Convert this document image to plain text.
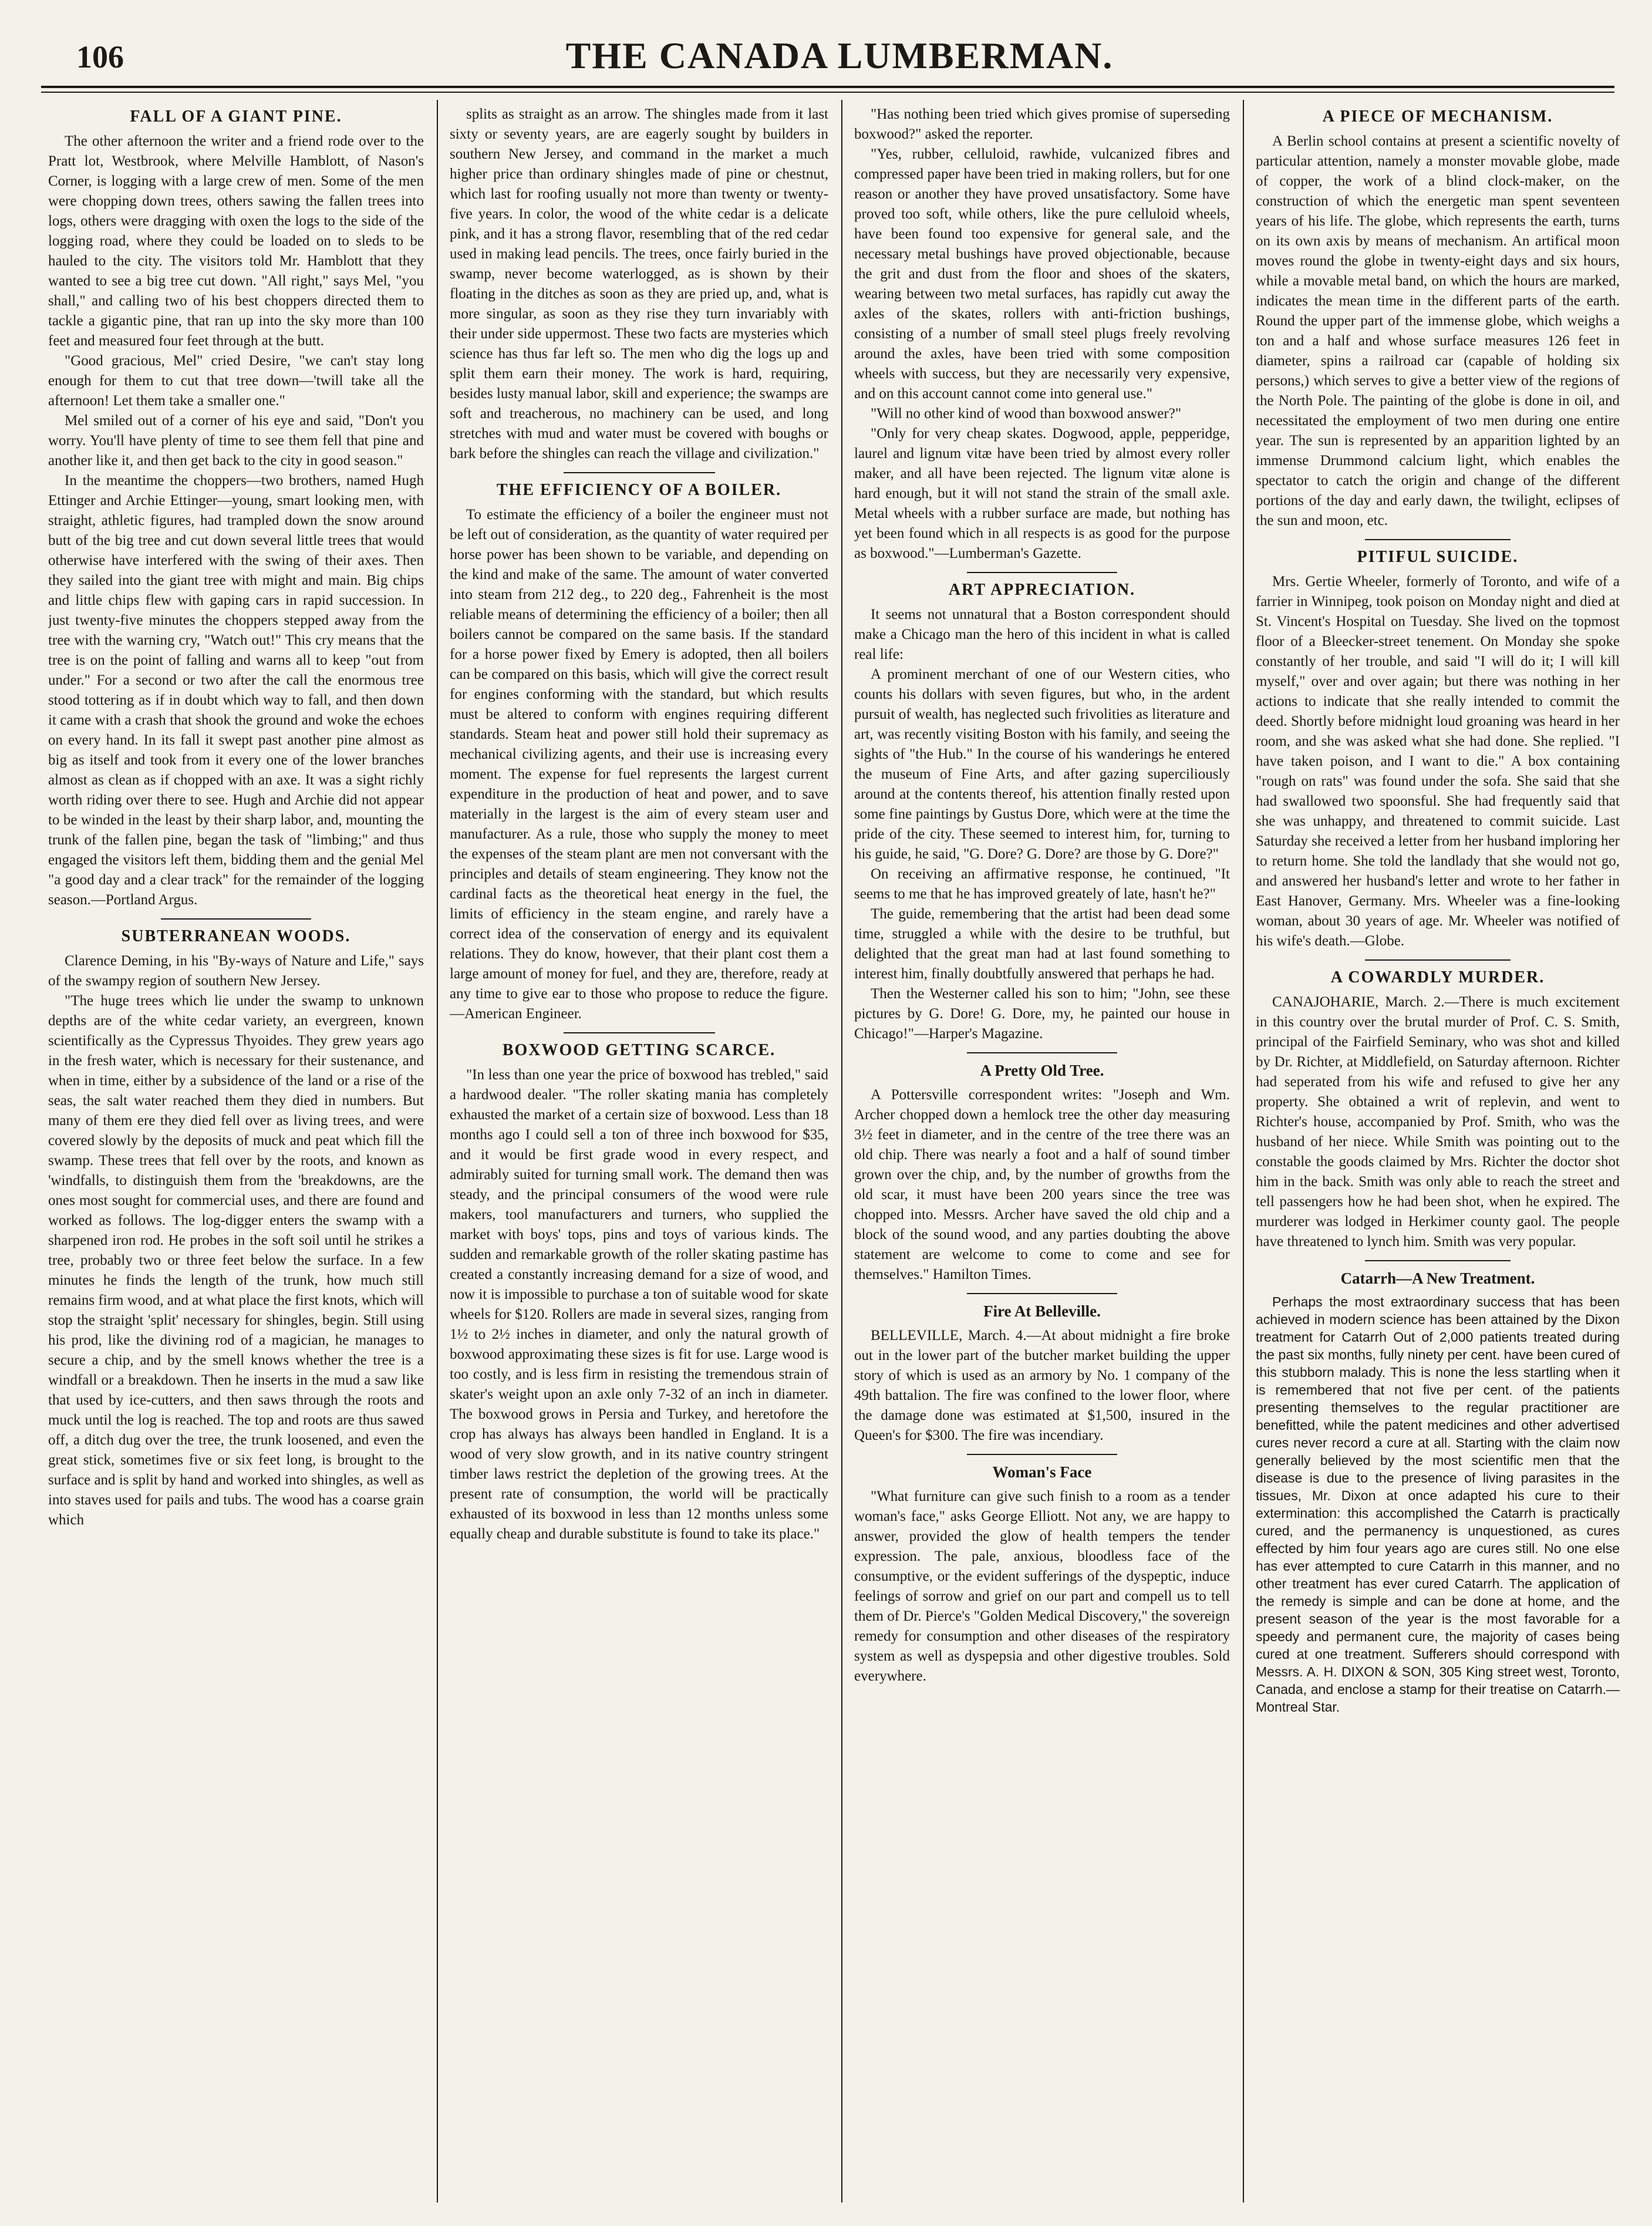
106	THE CANADA LUMBERMAN.
FALL OF A GIANT PINE.

The other afternoon the writer and a friend rode over to the Pratt lot, Westbrook, where Melville Hamblott, of Nason's Corner, is logging with a large crew of men. Some of the men were chopping down trees, others sawing the fallen trees into logs, others were dragging with oxen the logs to the side of the logging road, where they could be loaded on to sleds to be hauled to the city. The visitors told Mr. Hamblott that they wanted to see a big tree cut down. "All right," says Mel, "you shall," and calling two of his best choppers directed them to tackle a gigantic pine, that ran up into the sky more than 100 feet and measured four feet through at the butt.

"Good gracious, Mel" cried Desire, "we can't stay long enough for them to cut that tree down—'twill take all the afternoon! Let them take a smaller one."

Mel smiled out of a corner of his eye and said, "Don't you worry. You'll have plenty of time to see them fell that pine and another like it, and then get back to the city in good season."

In the meantime the choppers—two brothers, named Hugh Ettinger and Archie Ettinger—young, smart looking men, with straight, athletic figures, had trampled down the snow around butt of the big tree and cut down several little trees that would otherwise have interfered with the swing of their axes. Then they sailed into the giant tree with might and main. Big chips and little chips flew with gaping cars in rapid succession. In just twenty-five minutes the choppers stepped away from the tree with the warning cry, "Watch out!" This cry means that the tree is on the point of falling and warns all to keep "out from under." For a second or two after the call the enormous tree stood tottering as if in doubt which way to fall, and then down it came with a crash that shook the ground and woke the echoes on every hand. In its fall it swept past another pine almost as big as itself and took from it every one of the lower branches almost as clean as if chopped with an axe. It was a sight richly worth riding over there to see. Hugh and Archie did not appear to be winded in the least by their sharp labor, and, mounting the trunk of the fallen pine, began the task of "limbing;" and thus engaged the visitors left them, bidding them and the genial Mel "a good day and a clear track" for the remainder of the logging season.—Portland Argus.

SUBTERRANEAN WOODS.

Clarence Deming, in his "By-ways of Nature and Life," says of the swampy region of southern New Jersey.

"The huge trees which lie under the swamp to unknown depths are of the white cedar variety, an evergreen, known scientifically as the Cypressus Thyoides. They grew years ago in the fresh water, which is necessary for their sustenance, and when in time, either by a subsidence of the land or a rise of the seas, the salt water reached them they died in numbers. But many of them ere they died fell over as living trees, and were covered slowly by the deposits of muck and peat which fill the swamp. These trees that fell over by the roots, and known as 'windfalls, to distinguish them from the 'breakdowns, are the ones most sought for commercial uses, and there are found and worked as follows. The log-digger enters the swamp with a sharpened iron rod. He probes in the soft soil until he strikes a tree, probably two or three feet below the surface. In a few minutes he finds the length of the trunk, how much still remains firm wood, and at what place the first knots, which will stop the straight 'split' necessary for shingles, begin. Still using his prod, like the divining rod of a magician, he manages to secure a chip, and by the smell knows whether the tree is a windfall or a breakdown. Then he inserts in the mud a saw like that used by ice-cutters, and then saws through the roots and muck until the log is reached. The top and roots are thus sawed off, a ditch dug over the tree, the trunk loosened, and even the great stick, sometimes five or six feet long, is brought to the surface and is split by hand and worked into shingles, as well as into staves used for pails and tubs. The wood has a coarse grain which

splits as straight as an arrow. The shingles made from it last sixty or seventy years, are are eagerly sought by builders in southern New Jersey, and command in the market a much higher price than ordinary shingles made of pine or chestnut, which last for roofing usually not more than twenty or twenty-five years. In color, the wood of the white cedar is a delicate pink, and it has a strong flavor, resembling that of the red cedar used in making lead pencils. The trees, once fairly buried in the swamp, never become waterlogged, as is shown by their floating in the ditches as soon as they are pried up, and, what is more singular, as soon as they rise they turn invariably with their under side uppermost. These two facts are mysteries which science has thus far left so. The men who dig the logs up and split them earn their money. The work is hard, requiring, besides lusty manual labor, skill and experience; the swamps are soft and treacherous, no machinery can be used, and long stretches with mud and water must be covered with boughs or bark before the shingles can reach the village and civilization."

THE EFFICIENCY OF A BOILER.

To estimate the efficiency of a boiler the engineer must not be left out of consideration, as the quantity of water required per horse power has been shown to be variable, and depending on the kind and make of the same. The amount of water converted into steam from 212 deg., to 220 deg., Fahrenheit is the most reliable means of determining the efficiency of a boiler; then all boilers cannot be compared on the same basis. If the standard for a horse power fixed by Emery is adopted, then all boilers can be compared on this basis, which will give the correct result for engines conforming with the standard, but which results must be altered to conform with engines requiring different standards. Steam heat and power still hold their supremacy as mechanical civilizing agents, and their use is increasing every moment. The expense for fuel represents the largest current expenditure in the production of heat and power, and to save materially in the largest is the aim of every steam user and manufacturer. As a rule, those who supply the money to meet the expenses of the steam plant are men not conversant with the principles and details of steam engineering. They know not the cardinal facts as the theoretical heat energy in the fuel, the limits of efficiency in the steam engine, and rarely have a correct idea of the conservation of energy and its equivalent relations. They do know, however, that their plant cost them a large amount of money for fuel, and they are, therefore, ready at any time to give ear to those who propose to reduce the figure.—American Engineer.

BOXWOOD GETTING SCARCE.

"In less than one year the price of boxwood has trebled," said a hardwood dealer. "The roller skating mania has completely exhausted the market of a certain size of boxwood. Less than 18 months ago I could sell a ton of three inch boxwood for $35, and it would be first grade wood in every respect, and admirably suited for turning small work. The demand then was steady, and the principal consumers of the wood were rule makers, tool manufacturers and turners, who supplied the market with boys' tops, pins and toys of various kinds. The sudden and remarkable growth of the roller skating pastime has created a constantly increasing demand for a size of wood, and now it is impossible to purchase a ton of suitable wood for skate wheels for $120. Rollers are made in several sizes, ranging from 1½ to 2½ inches in diameter, and only the natural growth of boxwood approximating these sizes is fit for use. Large wood is too costly, and is less firm in resisting the tremendous strain of skater's weight upon an axle only 7-32 of an inch in diameter. The boxwood grows in Persia and Turkey, and heretofore the crop has always has always been handled in England. It is a wood of very slow growth, and in its native country stringent timber laws restrict the depletion of the growing trees. At the present rate of consumption, the world will be practically exhausted of its boxwood in less than 12 months unless some equally cheap and durable substitute is found to take its place."

"Has nothing been tried which gives promise of superseding boxwood?" asked the reporter.

"Yes, rubber, celluloid, rawhide, vulcanized fibres and compressed paper have been tried in making rollers, but for one reason or another they have proved unsatisfactory. Some have proved too soft, while others, like the pure celluloid wheels, have been found too expensive for general sale, and the necessary metal bushings have proved objectionable, because the grit and dust from the floor and shoes of the skaters, wearing between two metal surfaces, has rapidly cut away the axles of the skates, rollers with anti-friction bushings, consisting of a number of small steel plugs freely revolving around the axles, have been tried with some composition wheels with success, but they are necessarily very expensive, and on this account cannot come into general use."

"Will no other kind of wood than boxwood answer?"

"Only for very cheap skates. Dogwood, apple, pepperidge, laurel and lignum vitæ have been tried by almost every roller maker, and all have been rejected. The lignum vitæ alone is hard enough, but it will not stand the strain of the small axle. Metal wheels with a rubber surface are made, but nothing has yet been found which in all respects is as good for the purpose as boxwood."—Lumberman's Gazette.

ART APPRECIATION.

It seems not unnatural that a Boston correspondent should make a Chicago man the hero of this incident in what is called real life:

A prominent merchant of one of our Western cities, who counts his dollars with seven figures, but who, in the ardent pursuit of wealth, has neglected such frivolities as literature and art, was recently visiting Boston with his family, and seeing the sights of "the Hub." In the course of his wanderings he entered the museum of Fine Arts, and after gazing superciliously around at the contents thereof, his attention finally rested upon some fine paintings by Gustus Dore, which were at the time the pride of the city. These seemed to interest him, for, turning to his guide, he said, "G. Dore? G. Dore? are those by G. Dore?"

On receiving an affirmative response, he continued, "It seems to me that he has improved greately of late, hasn't he?"

The guide, remembering that the artist had been dead some time, struggled a while with the desire to be truthful, but delighted that the great man had at last found something to interest him, finally doubtfully answered that perhaps he had.

Then the Westerner called his son to him; "John, see these pictures by G. Dore! G. Dore, my, he painted our house in Chicago!"—Harper's Magazine.

A Pretty Old Tree.

A Pottersville correspondent writes: "Joseph and Wm. Archer chopped down a hemlock tree the other day measuring 3½ feet in diameter, and in the centre of the tree there was an old chip. There was nearly a foot and a half of sound timber grown over the chip, and, by the number of growths from the old scar, it must have been 200 years since the tree was chopped into. Messrs. Archer have saved the old chip and a block of the sound wood, and any parties doubting the above statement are welcome to come to come and see for themselves." Hamilton Times.

Fire At Belleville.

BELLEVILLE, March. 4.—At about midnight a fire broke out in the lower part of the butcher market building the upper story of which is used as an armory by No. 1 company of the 49th battalion. The fire was confined to the lower floor, where the damage done was estimated at $1,500, insured in the Queen's for $300. The fire was incendiary.

Woman's Face

"What furniture can give such finish to a room as a tender woman's face," asks George Elliott. Not any, we are happy to answer, provided the glow of health tempers the tender expression. The pale, anxious, bloodless face of the consumptive, or the evident sufferings of the dyspeptic, induce feelings of sorrow and grief on our part and compell us to tell them of Dr. Pierce's "Golden Medical Discovery," the sovereign remedy for consumption and other diseases of the respiratory system as well as dyspepsia and other digestive troubles. Sold everywhere.

A PIECE OF MECHANISM.

A Berlin school contains at present a scientific novelty of particular attention, namely a monster movable globe, made of copper, the work of a blind clock-maker, on the construction of which the energetic man spent seventeen years of his life. The globe, which represents the earth, turns on its own axis by means of mechanism. An artifical moon moves round the globe in twenty-eight days and six hours, while a movable metal band, on which the hours are marked, indicates the mean time in the different parts of the earth. Round the upper part of the immense globe, which weighs a ton and a half and whose surface measures 126 feet in diameter, spins a railroad car (capable of holding six persons,) which serves to give a better view of the regions of the North Pole. The painting of the globe is done in oil, and necessitated the employment of two men during one entire year. The sun is represented by an apparition lighted by an immense Drummond calcium light, which enables the spectator to catch the origin and change of the different portions of the day and early dawn, the twilight, eclipses of the sun and moon, etc.

PITIFUL SUICIDE.

Mrs. Gertie Wheeler, formerly of Toronto, and wife of a farrier in Winnipeg, took poison on Monday night and died at St. Vincent's Hospital on Tuesday. She lived on the topmost floor of a Bleecker-street tenement. On Monday she spoke constantly of her trouble, and said "I will do it; I will kill myself," over and over again; but there was nothing in her actions to indicate that she really intended to commit the deed. Shortly before midnight loud groaning was heard in her room, and she was asked what she had done. She replied. "I have taken poison, and I want to die." A box containing "rough on rats" was found under the sofa. She said that she had swallowed two spoonsful. She had frequently said that she was unhappy, and threatened to commit suicide. Last Saturday she received a letter from her husband imploring her to return home. She told the landlady that she would not go, and answered her husband's letter and wrote to her father in East Hanover, Germany. Mrs. Wheeler was a fine-looking woman, about 30 years of age. Mr. Wheeler was notified of his wife's death.—Globe.

A COWARDLY MURDER.

CANAJOHARIE, March. 2.—There is much excitement in this country over the brutal murder of Prof. C. S. Smith, principal of the Fairfield Seminary, who was shot and killed by Dr. Richter, at Middlefield, on Saturday afternoon. Richter had seperated from his wife and refused to give her any property. She obtained a writ of replevin, and went to Richter's house, accompanied by Prof. Smith, who was the husband of her niece. While Smith was pointing out to the constable the goods claimed by Mrs. Richter the doctor shot him in the back. Smith was only able to reach the street and tell passengers how he had been shot, when he expired. The murderer was lodged in Herkimer county gaol. The people have threatened to lynch him. Smith was very popular.

Catarrh—A New Treatment.

Perhaps the most extraordinary success that has been achieved in modern science has been attained by the Dixon treatment for Catarrh Out of 2,000 patients treated during the past six months, fully ninety per cent. have been cured of this stubborn malady. This is none the less startling when it is remembered that not five per cent. of the patients presenting themselves to the regular practitioner are benefitted, while the patent medicines and other advertised cures never record a cure at all. Starting with the claim now generally believed by the most scientific men that the disease is due to the presence of living parasites in the tissues, Mr. Dixon at once adapted his cure to their extermination: this accomplished the Catarrh is practically cured, and the permanency is unquestioned, as cures effected by him four years ago are cures still. No one else has ever attempted to cure Catarrh in this manner, and no other treatment has ever cured Catarrh. The application of the remedy is simple and can be done at home, and the present season of the year is the most favorable for a speedy and permanent cure, the majority of cases being cured at one treatment. Sufferers should correspond with Messrs. A. H. DIXON & SON, 305 King street west, Toronto, Canada, and enclose a stamp for their treatise on Catarrh.—Montreal Star.
